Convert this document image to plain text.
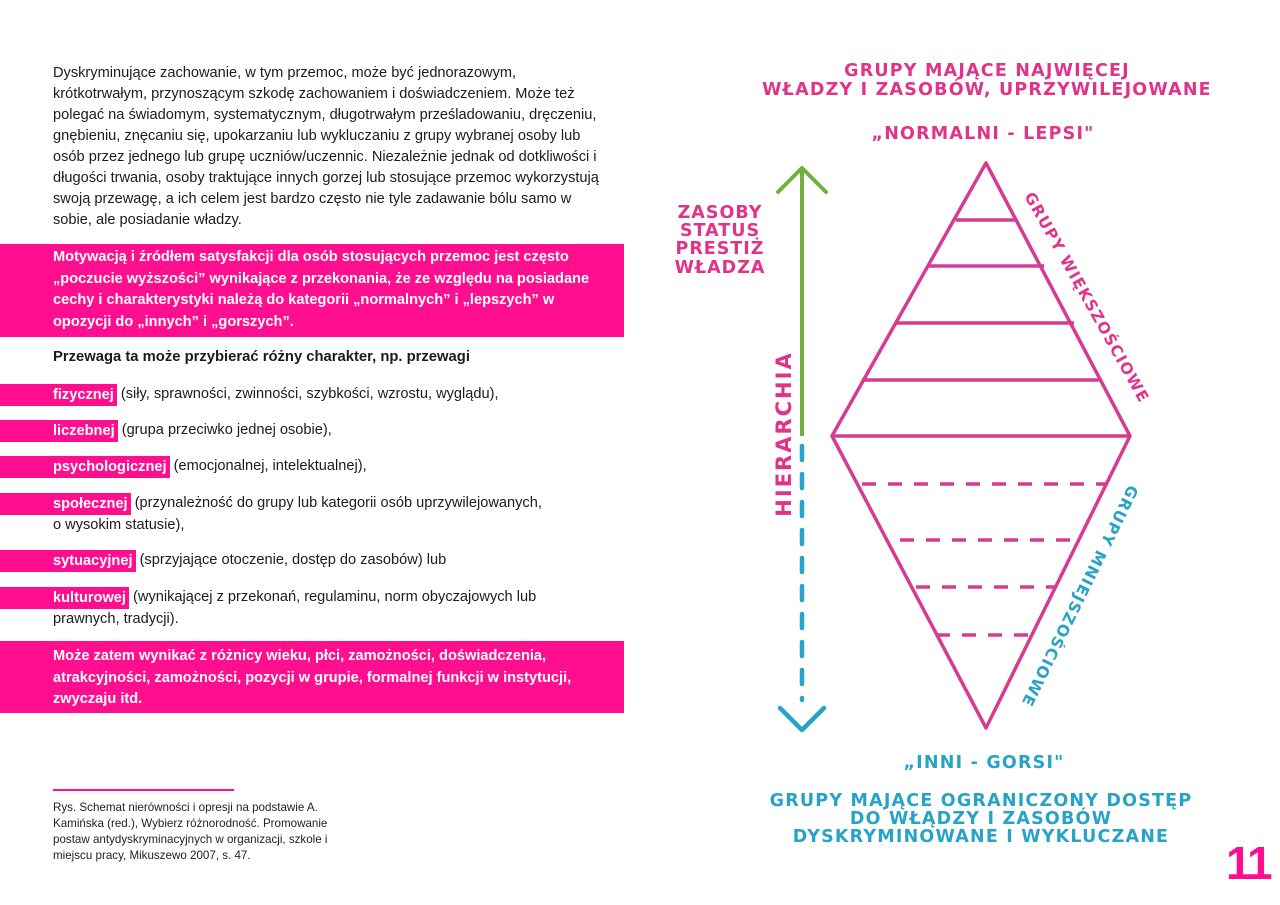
Dyskryminujące zachowanie, w tym przemoc, może być jednorazowym, krótkotrwałym, przynoszącym szkodę zachowaniem i doświadczeniem. Może też polegać na świadomym, systematycznym, długotrwałym prześladowaniu, dręczeniu, gnębieniu, znęcaniu się, upokarzaniu lub wykluczaniu z grupy wybranej osoby lub osób przez jednego lub grupę uczniów/uczennic. Niezależnie jednak od dotkliwości i długości trwania, osoby traktujące innych gorzej lub stosujące przemoc wykorzystują swoją przewagę, a ich celem jest bardzo często nie tyle zadawanie bólu samo w sobie, ale posiadanie władzy.

Motywacją i źródłem satysfakcji dla osób stosujących przemoc jest często „poczucie wyższości” wynikające z przekonania, że ze względu na posiadane cechy i charakterystyki należą do kategorii „normalnych” i „lepszych” w opozycji do „innych” i „gorszych”.

Przewaga ta może przybierać różny charakter, np. przewagi

fizycznej (siły, sprawności, zwinności, szybkości, wzrostu, wyglądu),
liczebnej (grupa przeciwko jednej osobie),
psychologicznej (emocjonalnej, intelektualnej),
społecznej (przynależność do grupy lub kategorii osób uprzywilejowanych,
o wysokim statusie),
sytuacyjnej (sprzyjające otoczenie, dostęp do zasobów) lub
kulturowej (wynikającej z przekonań, regulaminu, norm obyczajowych lub
prawnych, tradycji).
Może zatem wynikać z różnicy wieku, płci, zamożności, doświadczenia, atrakcyjności, zamożności, pozycji w grupie, formalnej funkcji w instytucji, zwyczaju itd.

Rys. Schemat nierówności i opresji na podstawie A. Kamińska (red.), Wybierz różnorodność. Promowanie postaw antydyskryminacyjnych w organizacji, szkole i miejscu pracy, Mikuszewo 2007, s. 47.

GRUPY MAJĄCE NAJWIĘCEJ
WŁADZY I ZASOBÓW, UPRZYWILEJOWANE
„NORMALNI - LEPSI"
ZASOBY
STATUS
PRESTIŻ
WŁADZA
HIERARCHIA
GRUPY WIĘKSZOŚCIOWE
GRUPY MNIEJSZOŚCIOWE
„INNI - GORSI"
GRUPY MAJĄCE OGRANICZONY DOSTĘP
DO WŁĄDZY I ZASOBÓW
DYSKRYMINOWANE I WYKLUCZANE 11
